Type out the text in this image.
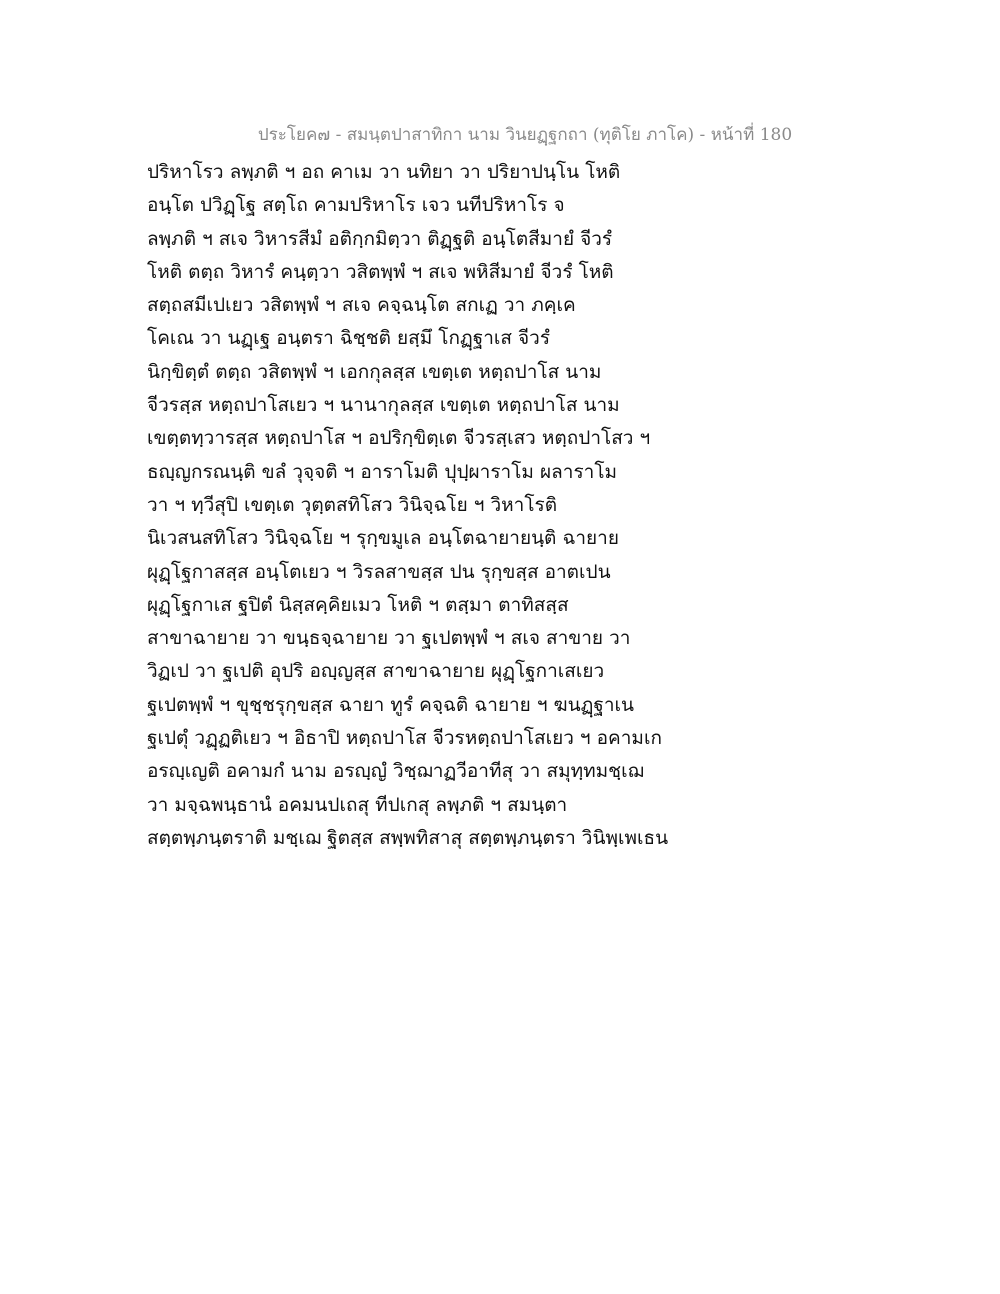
ประโยค๗ - สมนฺตปาสาทิกา นาม วินยฏฺฐกถา (ทุติโย ภาโค) - หน้าที่ 180
ปริหาโรว ลพฺภติ ฯ อถ คาเม วา นทิยา วา ปริยาปนฺโน โหติ
อนฺโต ปวิฏฺโฐ สตฺโถ คามปริหาโร เจว นทีปริหาโร จ
ลพฺภติ ฯ สเจ วิหารสีมํ อติกฺกมิตฺวา ติฏฺฐติ อนฺโตสีมายํ จีวรํ
โหติ ตตฺถ วิหารํ คนฺตฺวา วสิตพฺพํ ฯ สเจ พหิสีมายํ จีวรํ โหติ
สตฺถสมีเปเยว วสิตพฺพํ ฯ สเจ คจฺฉนฺโต สกเฏ วา ภคฺเค
โคเณ วา นฏฺเฐ อนฺตรา ฉิชฺชติ ยสฺมึ โกฏฺฐาเส จีวรํ
นิกฺขิตฺตํ ตตฺถ วสิตพฺพํ ฯ เอกกุลสฺส เขตฺเต หตฺถปาโส นาม
จีวรสฺส หตฺถปาโสเยว ฯ นานากุลสฺส เขตฺเต หตฺถปาโส นาม
เขตฺตทฺวารสฺส หตฺถปาโส ฯ อปริกฺขิตฺเต จีวรสฺเสว หตฺถปาโสว ฯ
ธญฺญกรณนฺติ ขลํ วุจฺจติ ฯ อาราโมติ ปุปฺผาราโม ผลาราโม
วา ฯ ทฺวีสุปิ เขตฺเต วุตฺตสทิโสว วินิจฺฉโย ฯ วิหาโรติ
นิเวสนสทิโสว วินิจฺฉโย ฯ รุกฺขมูเล อนฺโตฉายายนฺติ ฉายาย
ผุฏฺโฐกาสสฺส อนฺโตเยว ฯ วิรลสาขสฺส ปน รุกฺขสฺส อาตเปน
ผุฏฺโฐกาเส ฐปิตํ นิสฺสคฺคิยเมว โหติ ฯ ตสฺมา ตาทิสสฺส
สาขาฉายาย วา ขนฺธจฺฉายาย วา ฐเปตพฺพํ ฯ สเจ สาขาย วา
วิฏเป วา ฐเปติ อุปริ อญฺญสฺส สาขาฉายาย ผุฏฺโฐกาเสเยว
ฐเปตพฺพํ ฯ ขุชฺชรุกฺขสฺส ฉายา ทูรํ คจฺฉติ ฉายาย ฯ ฆนฏฺฐาเน
ฐเปตุํ วฏฺฏติเยว ฯ อิธาปิ หตฺถปาโส จีวรหตฺถปาโสเยว ฯ อคามเก
อรญฺเญติ อคามกํ นาม อรญฺญํ วิชฺฌาฏวีอาทีสุ วา สมุทฺทมชฺเฌ
วา มจฺฉพนฺธานํ อคมนปเถสุ ทีปเกสุ ลพฺภติ ฯ สมนฺตา
สตฺตพฺภนฺตราติ มชฺเฌ ฐิตสฺส สพฺพทิสาสุ สตฺตพฺภนฺตรา วินิพฺเพเธน
